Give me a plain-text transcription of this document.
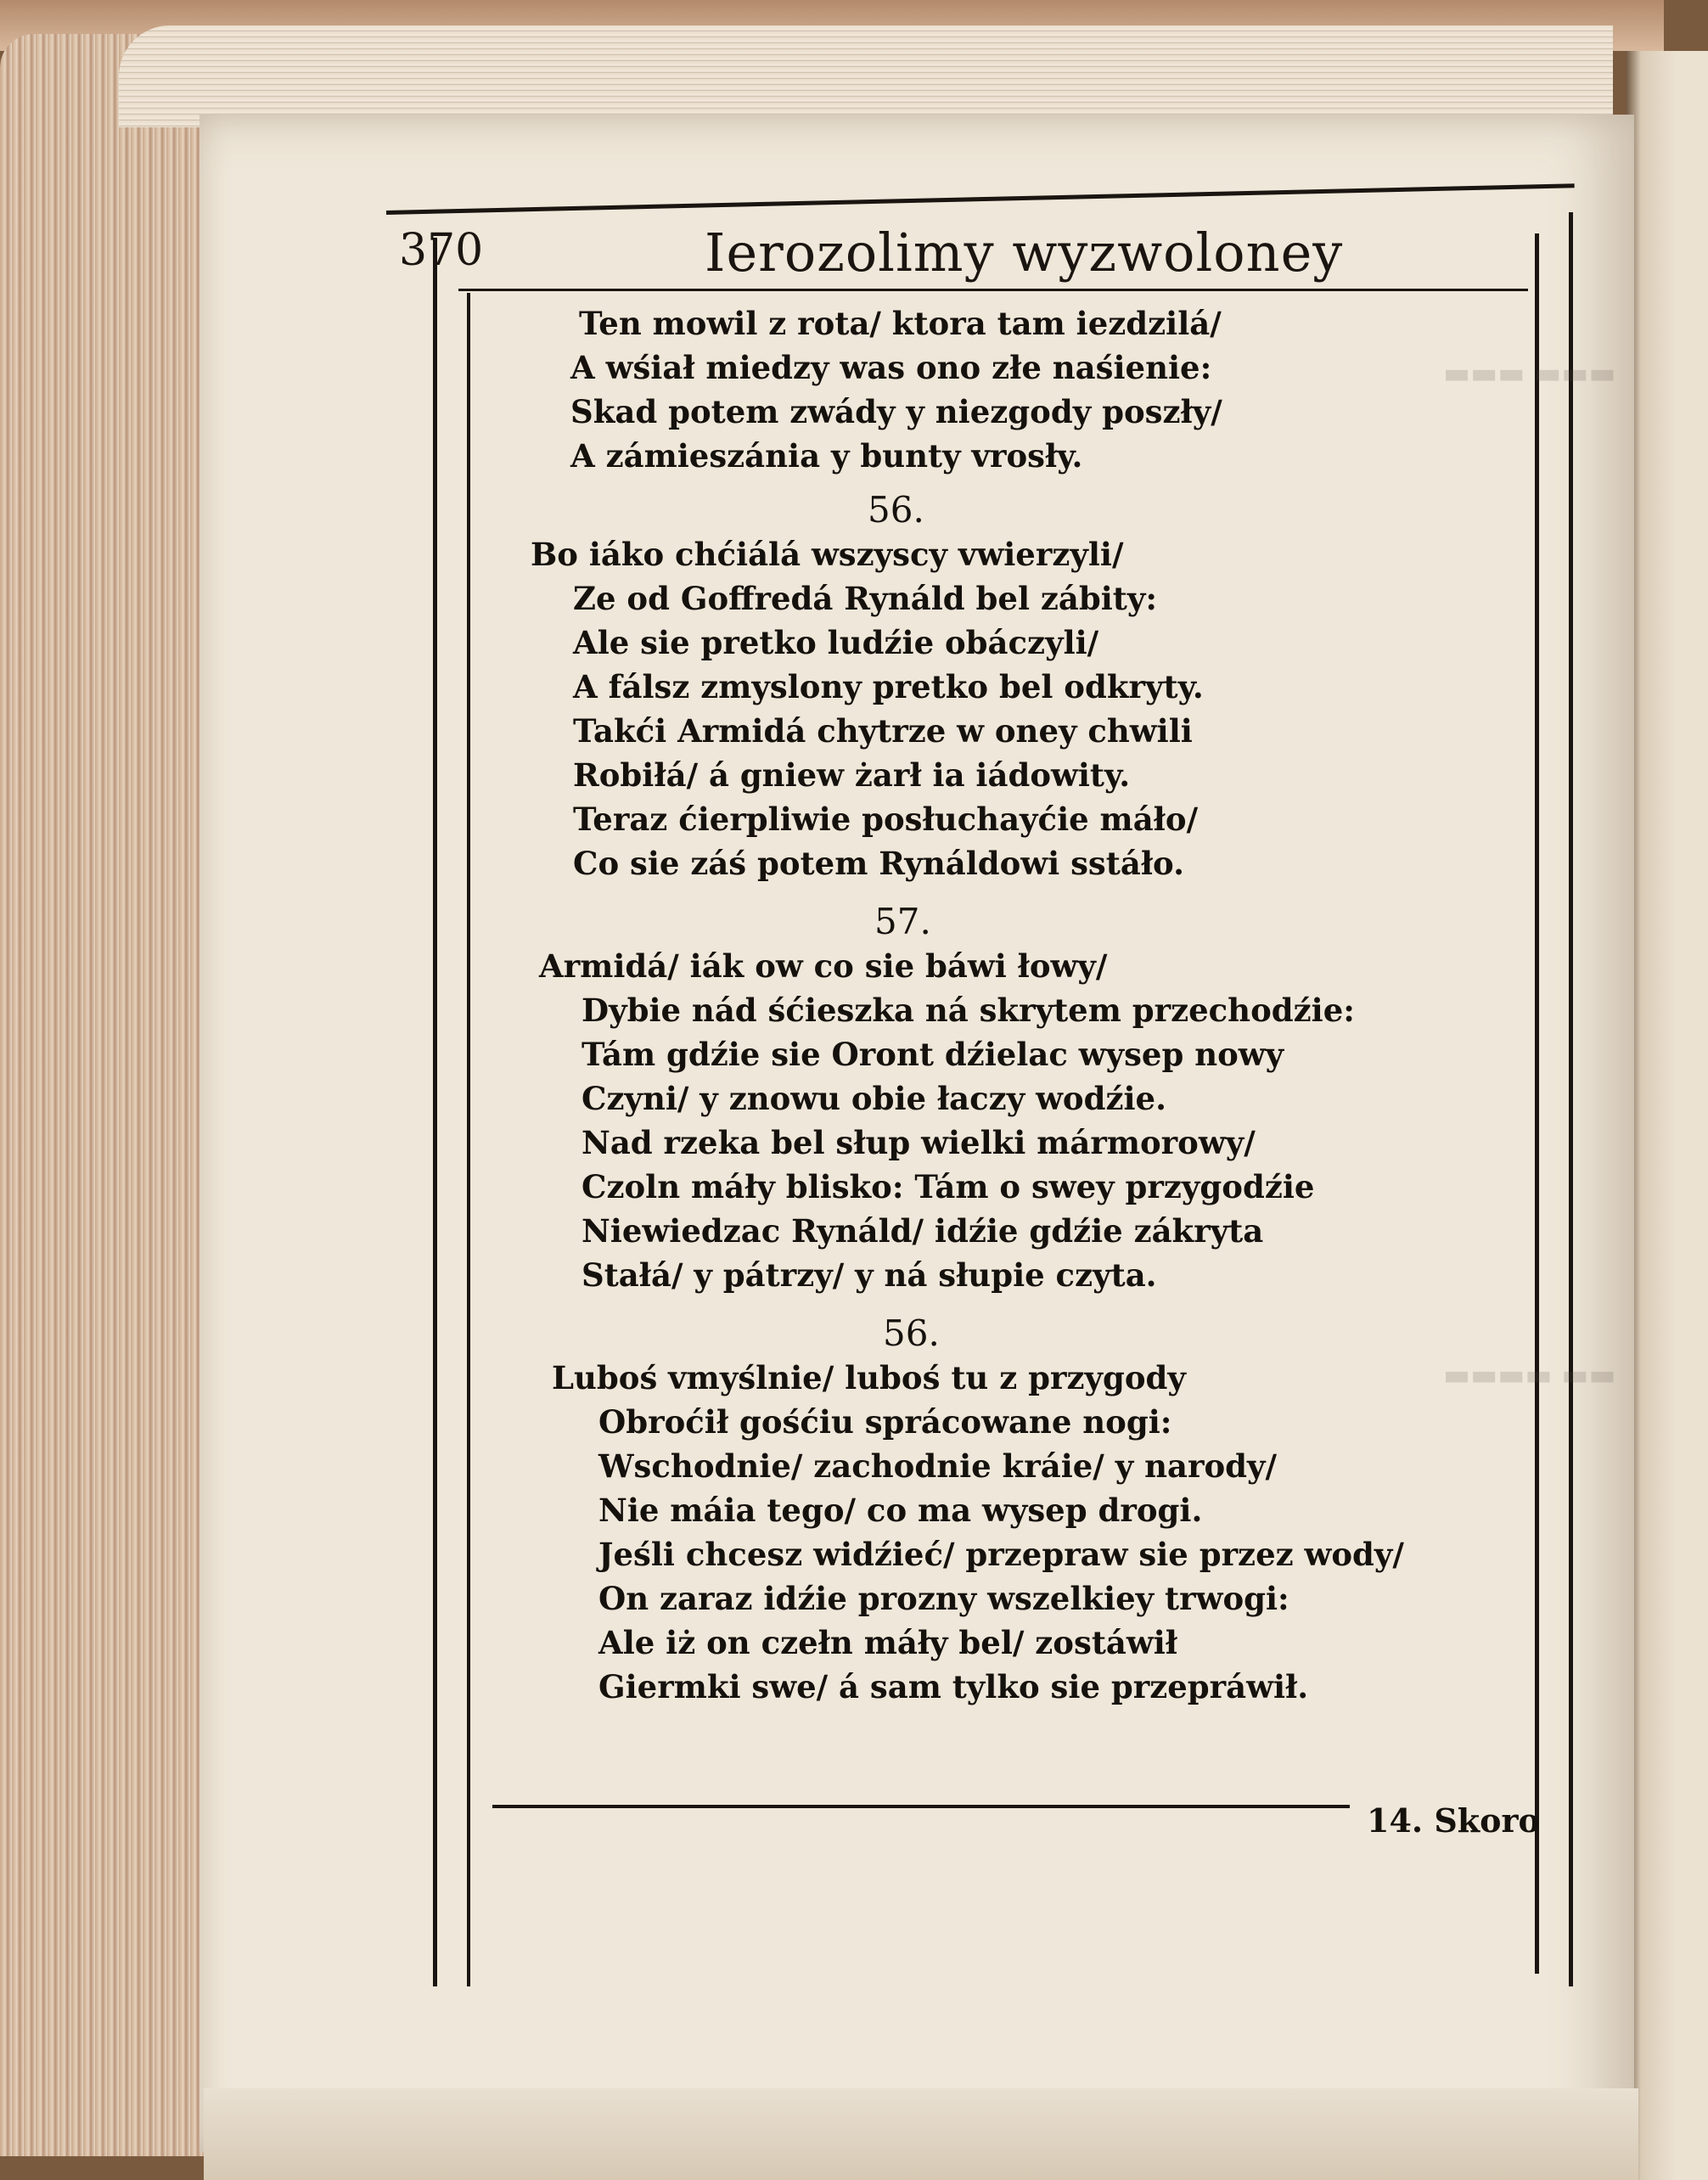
▬▬▬ ▬▬▬
▬▬▬▬ ▬▬
370	Ierozolimy wyzwoloney
Ten mowil z rota/ ktora tam iezdzilá/
A wśiał miedzy was ono złe naśienie:
Skad potem zwády y niezgody poszły/
A zámieszánia y bunty vrosły.
56.
Bo iáko chćiálá wszyscy vwierzyli/
Ze od Goffredá Rynáld bel zábity:
Ale sie pretko ludźie obáczyli/
A fálsz zmyslony pretko bel odkryty.
Takći Armidá chytrze w oney chwili
Robiłá/ á gniew żarł ia iádowity.
Teraz ćierpliwie posłuchayćie máło/
Co sie záś potem Rynáldowi sstáło.
57.
Armidá/ iák ow co sie báwi łowy/
Dybie nád śćieszka ná skrytem przechodźie:
Tám gdźie sie Oront dźielac wysep nowy
Czyni/ y znowu obie łaczy wodźie.
Nad rzeka bel słup wielki mármorowy/
Czoln máły blisko: Tám o swey przygodźie
Niewiedzac Rynáld/ idźie gdźie zákryta
Stałá/ y pátrzy/ y ná słupie czyta.
56.
Luboś vmyślnie/ luboś tu z przygody
Obroćił gośćiu sprácowane nogi:
Wschodnie/ zachodnie kráie/ y narody/
Nie máia tego/ co ma wysep drogi.
Jeśli chcesz widźieć/ przepraw sie przez wody/
On zaraz idźie prozny wszelkiey trwogi:
Ale iż on czełn máły bel/ zostáwił
Giermki swe/ á sam tylko sie przepráwił.
14. Skoro
